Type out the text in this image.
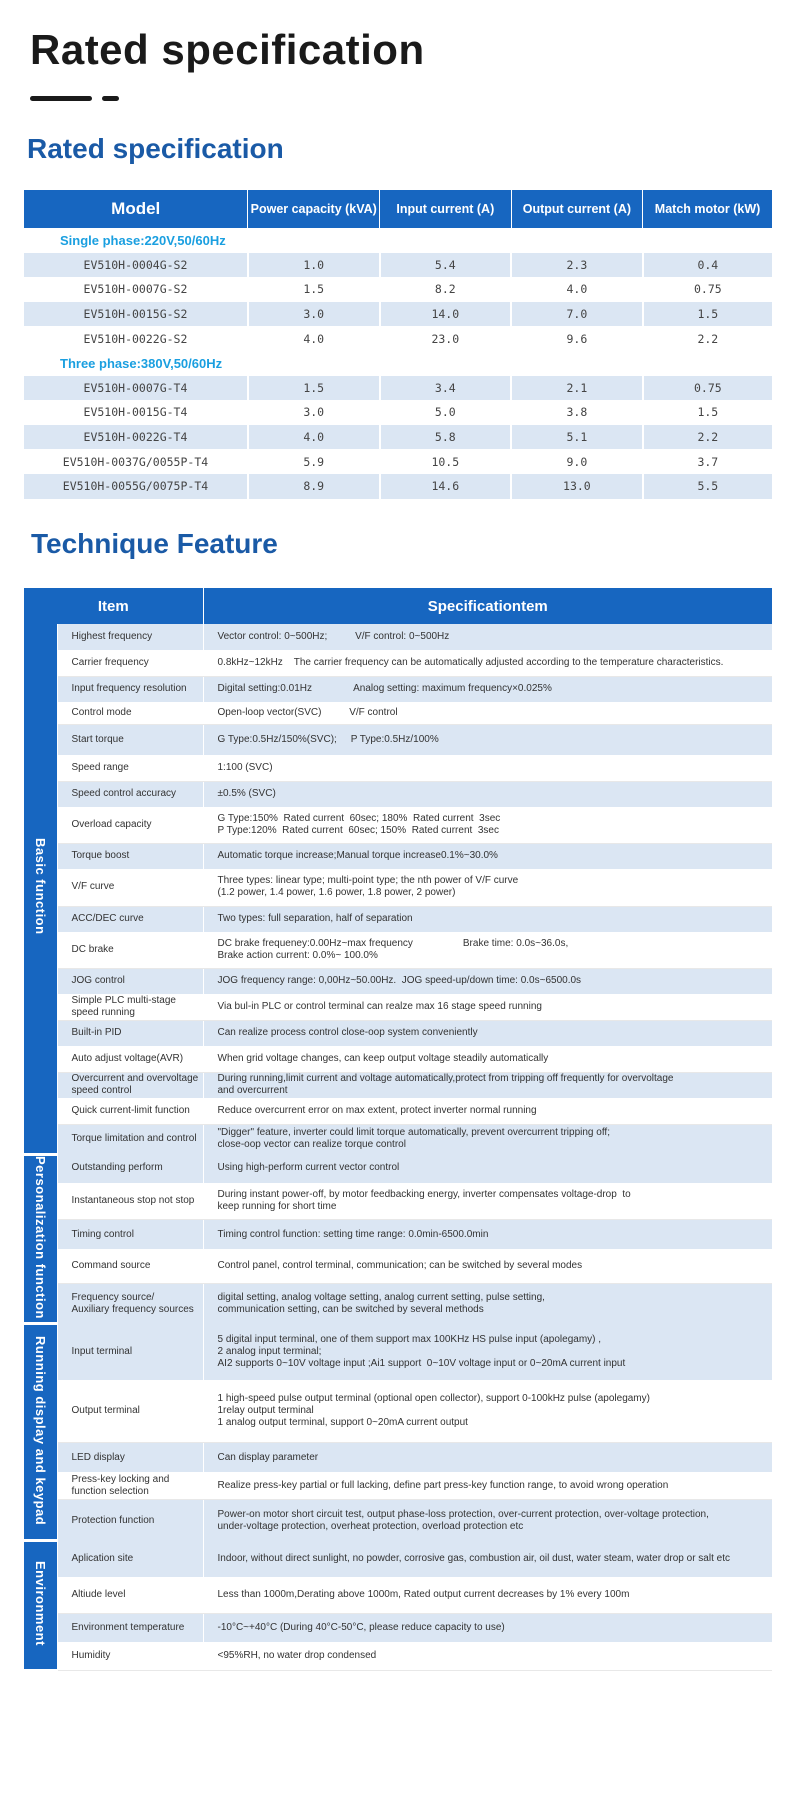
Rated specification
Rated specification
Model	Power capacity (kVA)	Input current (A)	Output current (A)	Match motor (kW)
Single phase:220V,50/60Hz				
EV510H-0004G-S2	1.0	5.4	2.3	0.4
EV510H-0007G-S2	1.5	8.2	4.0	0.75
EV510H-0015G-S2	3.0	14.0	7.0	1.5
EV510H-0022G-S2	4.0	23.0	9.6	2.2
Three phase:380V,50/60Hz				
EV510H-0007G-T4	1.5	3.4	2.1	0.75
EV510H-0015G-T4	3.0	5.0	3.8	1.5
EV510H-0022G-T4	4.0	5.8	5.1	2.2
EV510H-0037G/0055P-T4	5.9	10.5	9.0	3.7
EV510H-0055G/0075P-T4	8.9	14.6	13.0	5.5
Technique Feature
Item		Specificationtem
Basic function	Highest frequency	Vector control: 0~500Hz;          V/F control: 0~500Hz

	Carrier frequency	0.8kHz~12kHz    The carrier frequency can be automatically adjusted according to the temperature characteristics.

	Input frequency resolution	Digital setting:0.01Hz               Analog setting: maximum frequency×0.025%

	Control mode	Open-loop vector(SVC)          V/F control

	Start torque	G Type:0.5Hz/150%(SVC);     P Type:0.5Hz/100%

	Speed range	1:100 (SVC)

	Speed control accuracy	±0.5% (SVC)

	Overload capacity	G Type:150%  Rated current  60sec; 180%  Rated current  3sec
P Type:120%  Rated current  60sec; 150%  Rated current  3sec

	Torque boost	Automatic torque increase;Manual torque increase0.1%~30.0%

	V/F curve	Three types: linear type; multi-point type; the nth power of V/F curve
(1.2 power, 1.4 power, 1.6 power, 1.8 power, 2 power)

	ACC/DEC curve	Two types: full separation, half of separation

	DC brake	DC brake frequeney:0.00Hz~max frequency                  Brake time: 0.0s~36.0s,
Brake action current: 0.0%~ 100.0%

	JOG control	JOG frequency range: 0,00Hz~50.00Hz.  JOG speed-up/down time: 0.0s~6500.0s

	Simple PLC multi-stage
speed running	Via bul-in PLC or control terminal can realze max 16 stage speed running

	Built-in PID	Can realize process control close-oop system conveniently

	Auto adjust voltage(AVR)	When grid voltage changes, can keep output voltage steadily automatically

	Overcurrent and overvoltage
speed control	During running,limit current and voltage automatically,protect from tripping off frequently for overvoltage
and overcurrent

	Quick current-limit function	Reduce overcurrent error on max extent, protect inverter normal running

	Torque limitation and control	"Digger" feature, inverter could limit torque automatically, prevent overcurrent tripping off;
close-oop vector can realize torque control

Personalization function	Outstanding perform	Using high-perform current vector control

	Instantaneous stop not stop	During instant power-off, by motor feedbacking energy, inverter compensates voltage-drop  to
keep running for short time

	Timing control	Timing control function: setting time range: 0.0min-6500.0min

	Command source	Control panel, control terminal, communication; can be switched by several modes

	Frequency source/
Auxiliary frequency sources	digital setting, analog voltage setting, analog current setting, pulse setting,
communication setting, can be switched by several methods

Running display and keypad	Input terminal	5 digital input terminal, one of them support max 100KHz HS pulse input (apolegamy) ,
2 analog input terminal;
AI2 supports 0~10V voltage input ;Ai1 support  0~10V voltage input or 0~20mA current input

	Output terminal	1 high-speed pulse output terminal (optional open collector), support 0-100kHz pulse (apolegamy)
1relay output terminal
1 analog output terminal, support 0~20mA current output

	LED display	Can display parameter

	Press-key locking and
function selection	Realize press-key partial or full lacking, define part press-key function range, to avoid wrong operation

	Protection function	Power-on motor short circuit test, output phase-loss protection, over-current protection, over-voltage protection,
under-voltage protection, overheat protection, overload protection etc

Environment	Aplication site	Indoor, without direct sunlight, no powder, corrosive gas, combustion air, oil dust, water steam, water drop or salt etc

	Altiude level	Less than 1000m,Derating above 1000m, Rated output current decreases by 1% every 100m

	Environment temperature	-10°C~+40°C (During 40°C-50°C, please reduce capacity to use)

	Humidity	<95%RH, no water drop condensed
